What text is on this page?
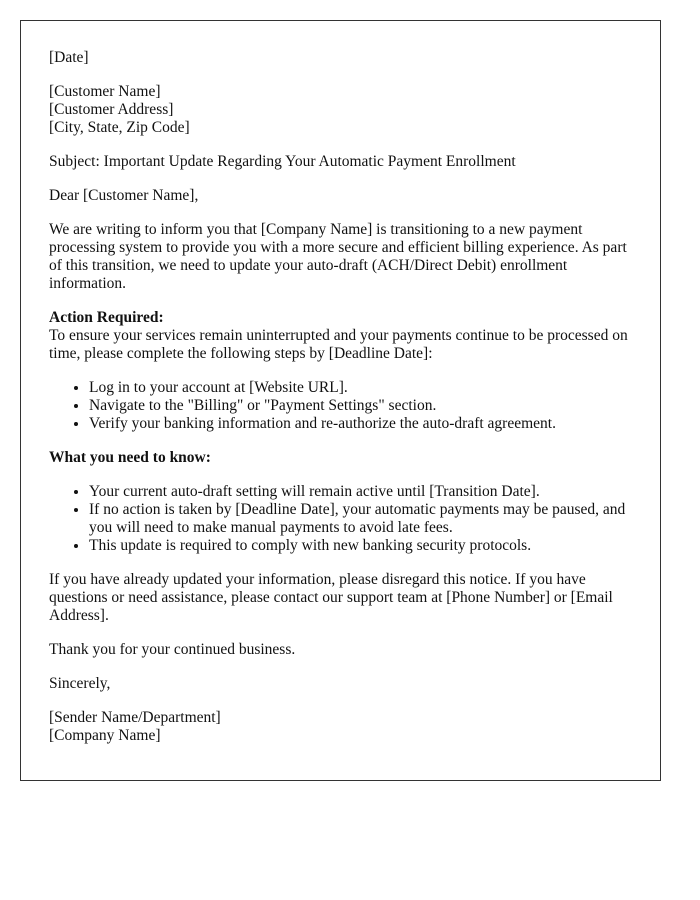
[Date]

[Customer Name]

[Customer Address]

[City, State, Zip Code]

Subject: Important Update Regarding Your Automatic Payment Enrollment

Dear [Customer Name],

We are writing to inform you that [Company Name] is transitioning to a new payment processing system to provide you with a more secure and efficient billing experience. As part of this transition, we need to update your auto-draft (ACH/Direct Debit) enrollment information.

Action Required:

To ensure your services remain uninterrupted and your payments continue to be processed on time, please complete the following steps by [Deadline Date]:

• Log in to your account at [Website URL].
• Navigate to the "Billing" or "Payment Settings" section.
• Verify your banking information and re-authorize the auto-draft agreement.
What you need to know:
• Your current auto-draft setting will remain active until [Transition Date].
• If no action is taken by [Deadline Date], your automatic payments may be paused, and you will need to make manual payments to avoid late fees.
• This update is required to comply with new banking security protocols.

If you have already updated your information, please disregard this notice. If you have questions or need assistance, please contact our support team at [Phone Number] or [Email Address].

Thank you for your continued business.

Sincerely,

[Sender Name/Department]

[Company Name]
